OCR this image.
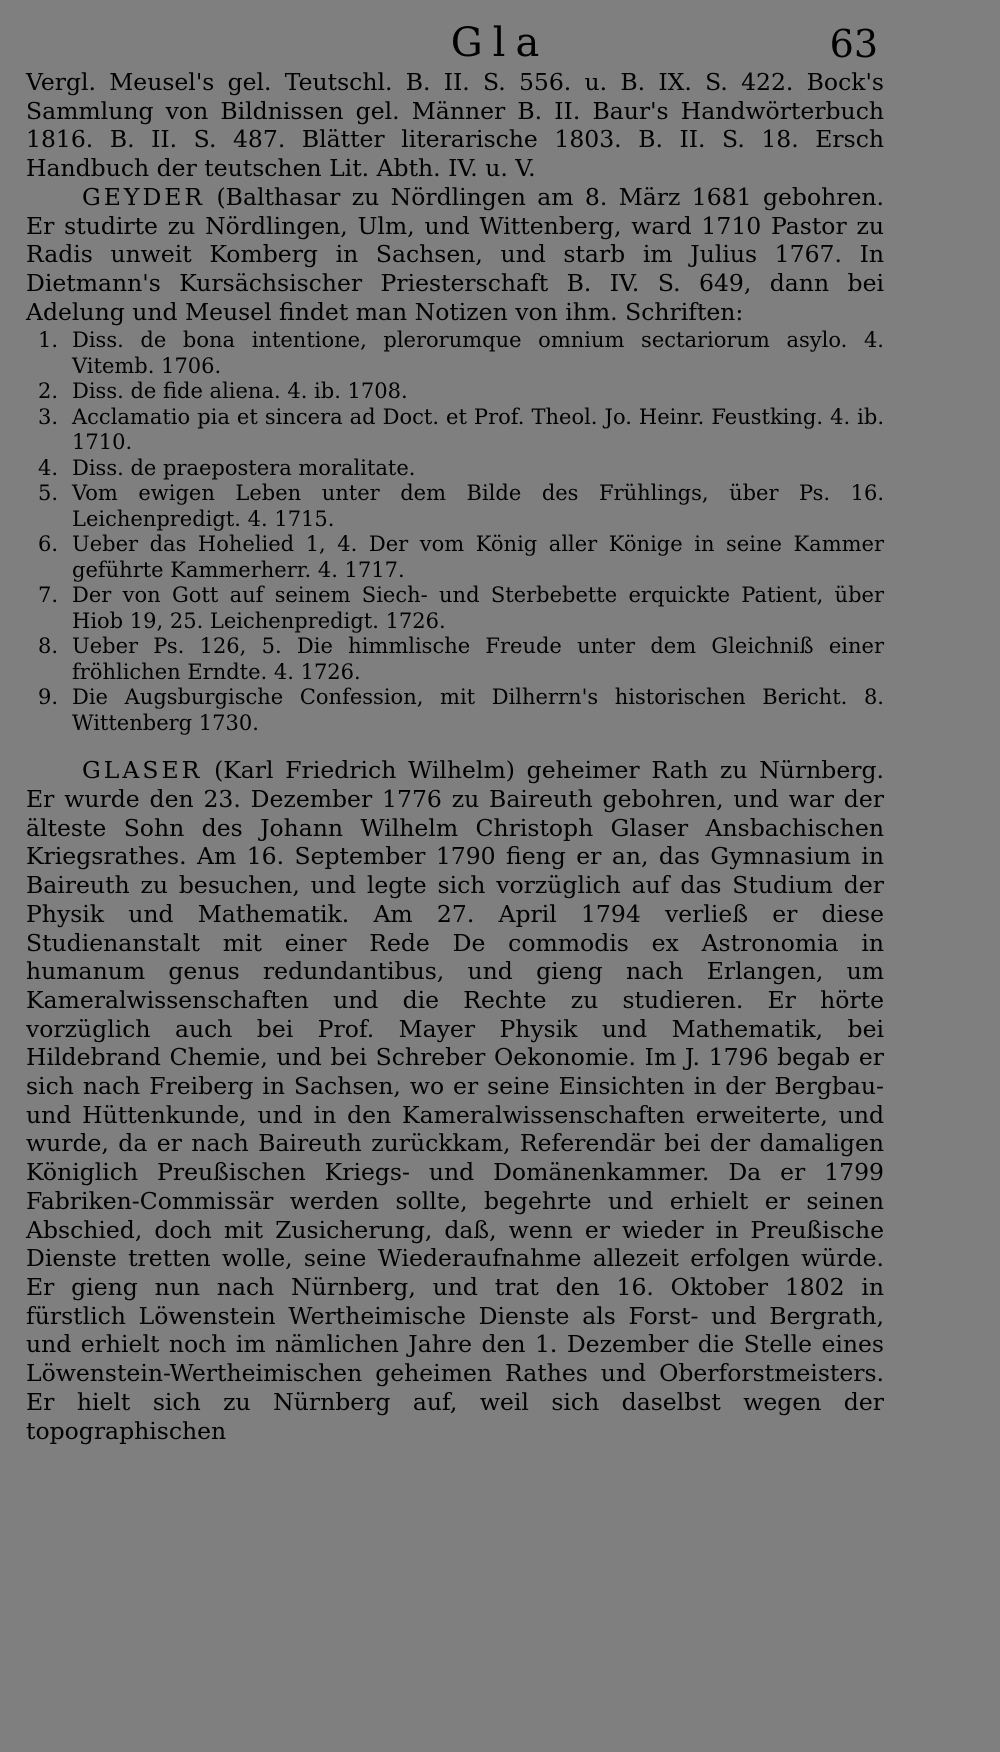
Gla	63

Vergl. Meusel's gel. Teutschl. B. II. S. 556. u. B. IX. S. 422. Bock's Sammlung von Bildnissen gel. Männer B. II. Baur's Handwörterbuch 1816. B. II. S. 487. Blätter literarische 1803. B. II. S. 18. Ersch Handbuch der teutschen Lit. Abth. IV. u. V.

GEYDER (Balthasar zu Nördlingen am 8. März 1681 gebohren. Er studirte zu Nördlingen, Ulm, und Wittenberg, ward 1710 Pastor zu Radis unweit Komberg in Sachsen, und starb im Julius 1767. In Dietmann's Kursächsischer Priesterschaft B. IV. S. 649, dann bei Adelung und Meusel findet man Notizen von ihm. Schriften:

1. Diss. de bona intentione, plerorumque omnium sectariorum asylo. 4. Vitemb. 1706.
2. Diss. de fide aliena. 4. ib. 1708.
3. Acclamatio pia et sincera ad Doct. et Prof. Theol. Jo. Heinr. Feustking. 4. ib. 1710.
4. Diss. de praepostera moralitate.
5. Vom ewigen Leben unter dem Bilde des Frühlings, über Ps. 16. Leichenpredigt. 4. 1715.
6. Ueber das Hohelied 1, 4. Der vom König aller Könige in seine Kammer geführte Kammerherr. 4. 1717.
7. Der von Gott auf seinem Siech- und Sterbebette erquickte Patient, über Hiob 19, 25. Leichenpredigt. 1726.
8. Ueber Ps. 126, 5. Die himmlische Freude unter dem Gleichniß einer fröhlichen Erndte. 4. 1726.
9. Die Augsburgische Confession, mit Dilherrn's historischen Bericht. 8. Wittenberg 1730.

GLASER (Karl Friedrich Wilhelm) geheimer Rath zu Nürnberg. Er wurde den 23. Dezember 1776 zu Baireuth gebohren, und war der älteste Sohn des Johann Wilhelm Christoph Glaser Ansbachischen Kriegsrathes. Am 16. September 1790 fieng er an, das Gymnasium in Baireuth zu besuchen, und legte sich vorzüglich auf das Studium der Physik und Mathematik. Am 27. April 1794 verließ er diese Studienanstalt mit einer Rede De commodis ex Astronomia in humanum genus redundantibus, und gieng nach Erlangen, um Kameralwissenschaften und die Rechte zu studieren. Er hörte vorzüglich auch bei Prof. Mayer Physik und Mathematik, bei Hildebrand Chemie, und bei Schreber Oekonomie. Im J. 1796 begab er sich nach Freiberg in Sachsen, wo er seine Einsichten in der Bergbau- und Hüttenkunde, und in den Kameralwissenschaften erweiterte, und wurde, da er nach Baireuth zurückkam, Referendär bei der damaligen Königlich Preußischen Kriegs- und Domänenkammer. Da er 1799 Fabriken-Commissär werden sollte, begehrte und erhielt er seinen Abschied, doch mit Zusicherung, daß, wenn er wieder in Preußische Dienste tretten wolle, seine Wiederaufnahme allezeit erfolgen würde. Er gieng nun nach Nürnberg, und trat den 16. Oktober 1802 in fürstlich Löwenstein Wertheimische Dienste als Forst- und Bergrath, und erhielt noch im nämlichen Jahre den 1. Dezember die Stelle eines Löwenstein-Wertheimischen geheimen Rathes und Oberforstmeisters. Er hielt sich zu Nürnberg auf, weil sich daselbst wegen der topographischen
